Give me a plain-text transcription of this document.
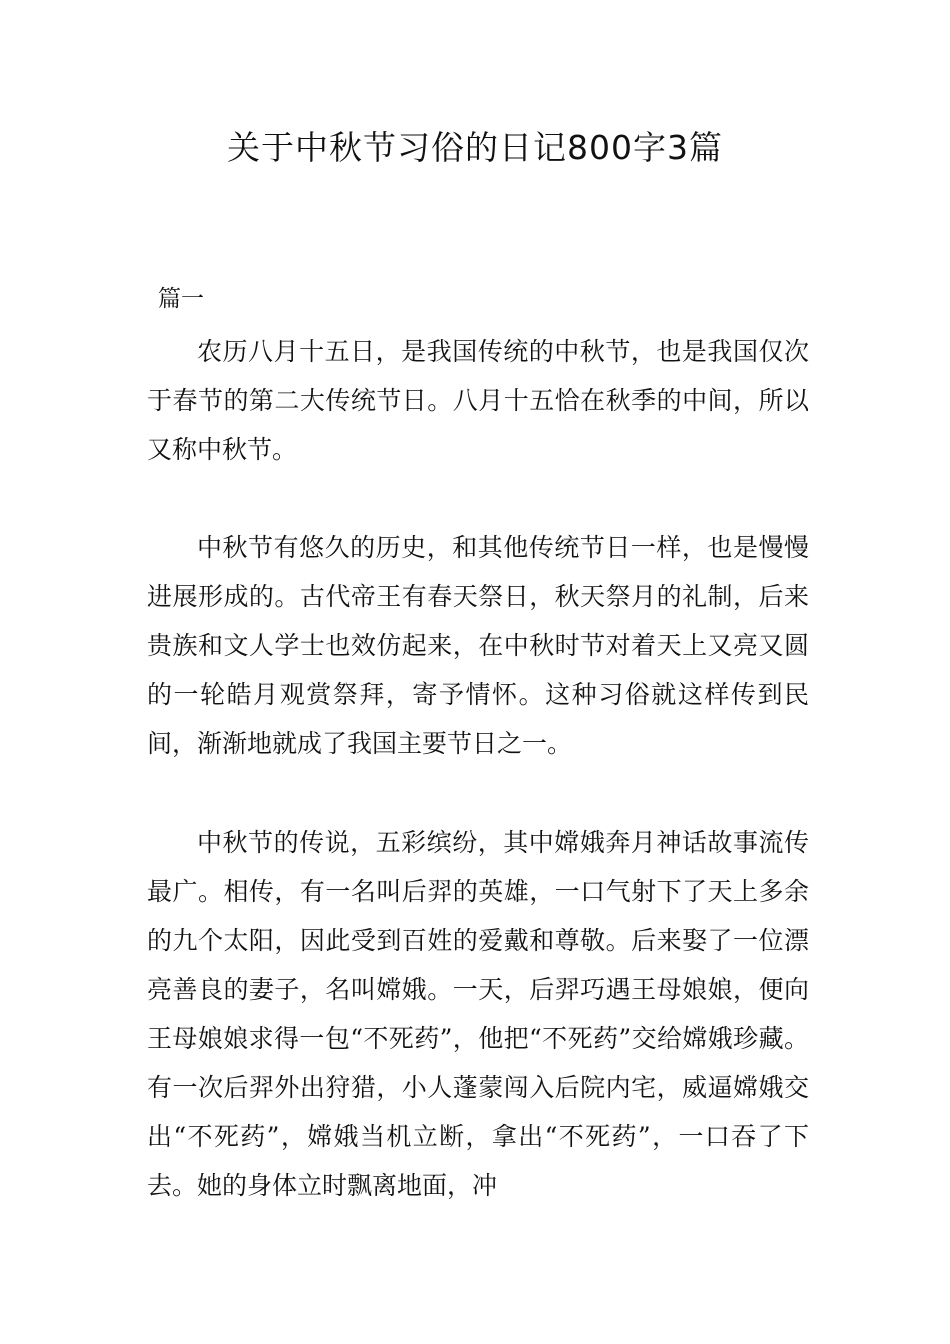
关于中秋节习俗的日记800字3篇
篇一

农历八月十五日，是我国传统的中秋节，也是我国仅次于春节的第二大传统节日。八月十五恰在秋季的中间，所以又称中秋节。

中秋节有悠久的历史，和其他传统节日一样，也是慢慢进展形成的。古代帝王有春天祭日，秋天祭月的礼制，后来贵族和文人学士也效仿起来，在中秋时节对着天上又亮又圆的一轮皓月观赏祭拜，寄予情怀。这种习俗就这样传到民间，渐渐地就成了我国主要节日之一。

中秋节的传说，五彩缤纷，其中嫦娥奔月神话故事流传最广。相传，有一名叫后羿的英雄，一口气射下了天上多余的九个太阳，因此受到百姓的爱戴和尊敬。后来娶了一位漂亮善良的妻子，名叫嫦娥。一天，后羿巧遇王母娘娘，便向王母娘娘求得一包“不死药”，他把“不死药”交给嫦娥珍藏。有一次后羿外出狩猎，小人蓬蒙闯入后院内宅，威逼嫦娥交出“不死药”，嫦娥当机立断，拿出“不死药”，一口吞了下去。她的身体立时飘离地面，冲
